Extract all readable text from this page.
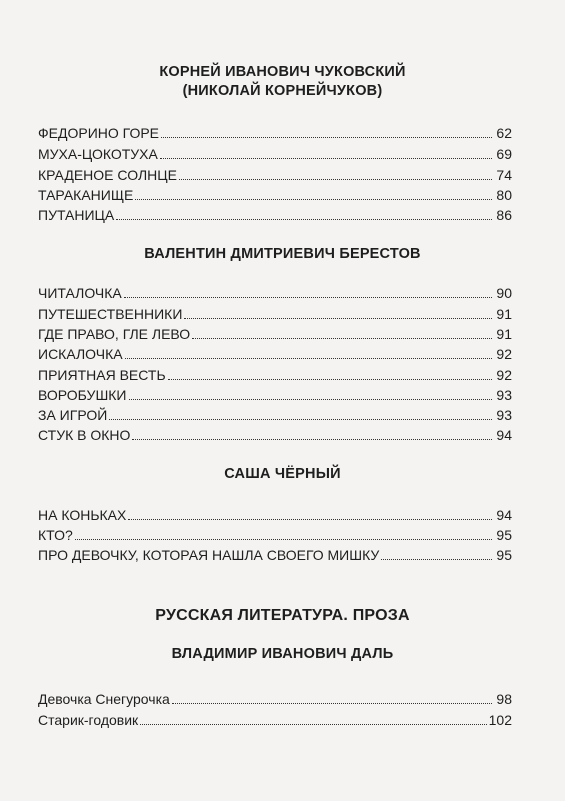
КОРНЕЙ ИВАНОВИЧ ЧУКОВСКИЙ
(НИКОЛАЙ КОРНЕЙЧУКОВ)
ФЕДОРИНО ГОРЕ	62
МУХА-ЦОКОТУХА	69
КРАДЕНОЕ СОЛНЦЕ	74
ТАРАКАНИЩЕ	80
ПУТАНИЦА	86
ВАЛЕНТИН ДМИТРИЕВИЧ БЕРЕСТОВ
ЧИТАЛОЧКА	90
ПУТЕШЕСТВЕННИКИ	91
ГДЕ ПРАВО, ГЛЕ ЛЕВО	91
ИСКАЛОЧКА	92
ПРИЯТНАЯ ВЕСТЬ	92
ВОРОБУШКИ	93
ЗА ИГРОЙ	93
СТУК В ОКНО	94
САША ЧЁРНЫЙ
НА КОНЬКАХ	94
КТО?	95
ПРО ДЕВОЧКУ, КОТОРАЯ НАШЛА СВОЕГО МИШКУ	95
РУССКАЯ ЛИТЕРАТУРА. ПРОЗА
ВЛАДИМИР ИВАНОВИЧ ДАЛЬ
Девочка Снегурочка	98
Старик-годовик	102
